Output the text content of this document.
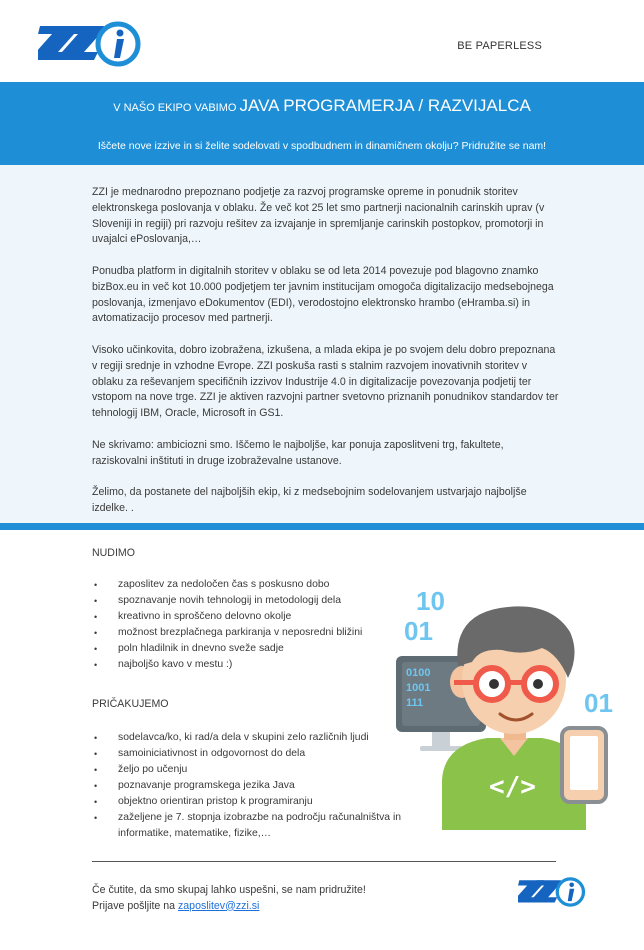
BE PAPERLESS
V NAŠO EKIPO VABIMO JAVA PROGRAMERJA / RAZVIJALCA
Iščete nove izzive in si želite sodelovati v spodbudnem in dinamičnem okolju? Pridružite se nam!

ZZI je mednarodno prepoznano podjetje za razvoj programske opreme in ponudnik storitev elektronskega poslovanja v oblaku. Že več kot 25 let smo partnerji nacionalnih carinskih uprav (v Sloveniji in regiji) pri razvoju rešitev za izvajanje in spremljanje carinskih postopkov, promotorji in uvajalci ePoslovanja,…

Ponudba platform in digitalnih storitev v oblaku se od leta 2014 povezuje pod blagovno znamko bizBox.eu in več kot 10.000 podjetjem ter javnim institucijam omogoča digitalizacijo medsebojnega poslovanja, izmenjavo eDokumentov (EDI), verodostojno elektronsko hrambo (eHramba.si) in avtomatizacijo procesov med partnerji.

Visoko učinkovita, dobro izobražena, izkušena, a mlada ekipa je po svojem delu dobro prepoznana v regiji srednje in vzhodne Evrope. ZZI poskuša rasti s stalnim razvojem inovativnih storitev v oblaku za reševanjem specifičnih izzivov Industrije 4.0 in digitalizacije povezovanja podjetij ter vstopom na nove trge. ZZI je aktiven razvojni partner svetovno priznanih ponudnikov standardov ter tehnologij IBM, Oracle, Microsoft in GS1.

Ne skrivamo: ambiciozni smo. Iščemo le najboljše, kar ponuja zaposlitveni trg, fakultete, raziskovalni inštituti in druge izobraževalne ustanove.

Želimo, da postanete del najboljših ekip, ki z medsebojnim sodelovanjem ustvarjajo najboljše izdelke. .

NUDIMO
• zaposlitev za nedoločen čas s poskusno dobo
• spoznavanje novih tehnologij in metodologij dela
• kreativno in sproščeno delovno okolje
• možnost brezplačnega parkiranja v neposredni bližini
• poln hladilnik in dnevno sveže sadje
• najboljšo kavo v mestu :)
PRIČAKUJEMO
• sodelavca/ko, ki rad/a dela v skupini zelo različnih ljudi
• samoiniciativnost in odgovornost do dela
• željo po učenju
• poznavanje programskega jezika Java
• objektno orientiran pristop k programiranju
• zaželjene je 7. stopnja izobrazbe na področju računalništva in informatike, matematike, fizike,…
10
01
0100
1001
111
</>
01
Če čutite, da smo skupaj lahko uspešni, se nam pridružite!
Prijave pošljite na zaposlitev@zzi.si
